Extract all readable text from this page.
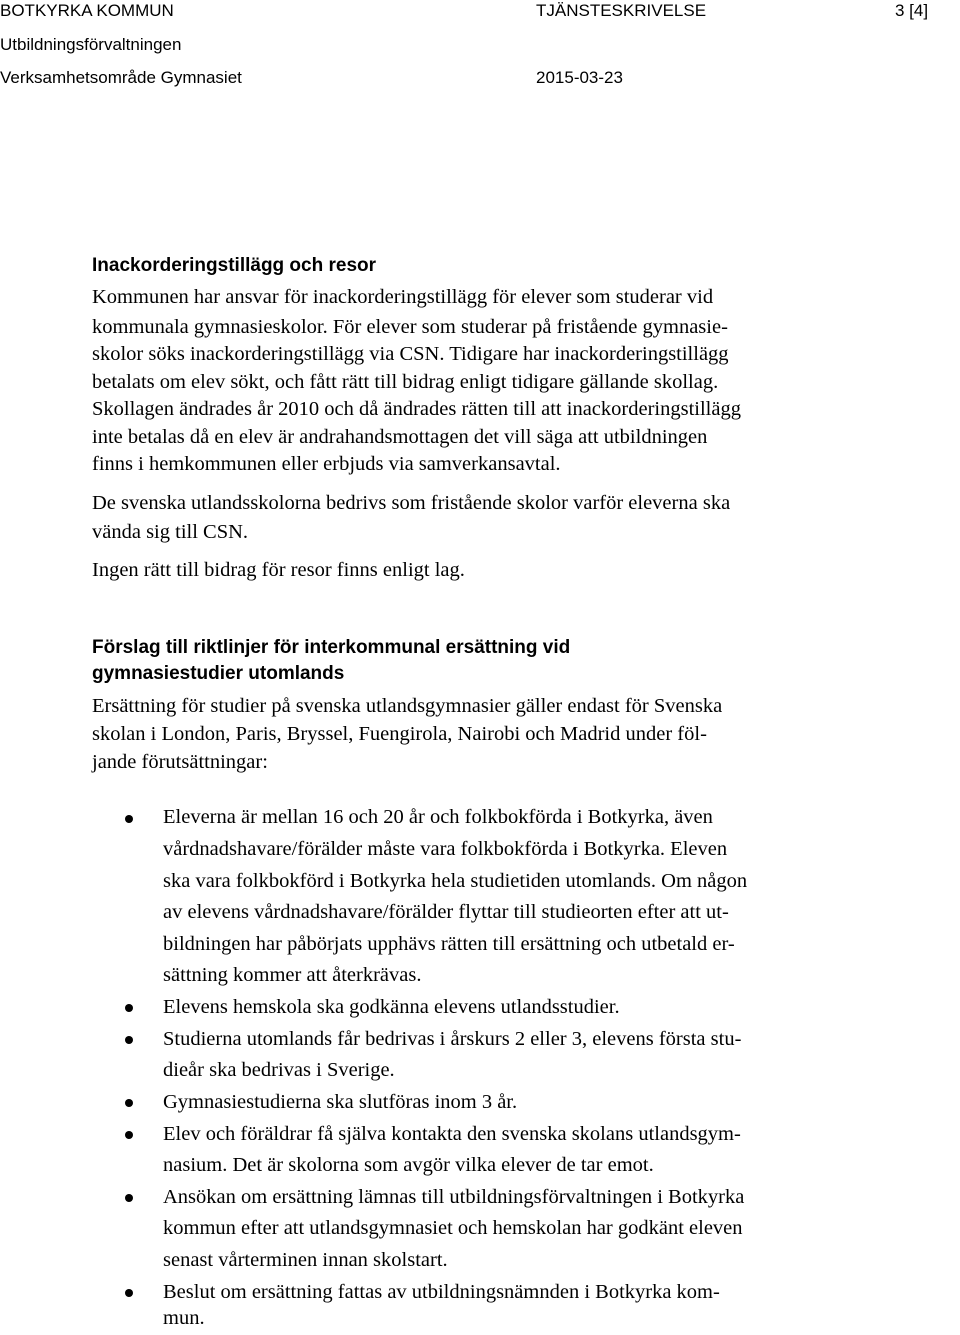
BOTKYRKA KOMMUN	TJÄNSTESKRIVELSE	3 [4]
Utbildningsförvaltningen
Verksamhetsområde Gymnasiet	2015-03-23
Inackorderingstillägg och resor
Kommunen har ansvar för inackorderingstillägg för elever som studerar vid
kommunala gymnasieskolor. För elever som studerar på fristående gymnasie-
skolor söks inackorderingstillägg via CSN. Tidigare har inackorderingstillägg
betalats om elev sökt, och fått rätt till bidrag enligt tidigare gällande skollag.
Skollagen ändrades år 2010 och då ändrades rätten till att inackorderingstillägg
inte betalas då en elev är andrahandsmottagen det vill säga att utbildningen
finns i hemkommunen eller erbjuds via samverkansavtal.
De svenska utlandsskolorna bedrivs som fristående skolor varför eleverna ska
vända sig till CSN.
Ingen rätt till bidrag för resor finns enligt lag.
Förslag till riktlinjer för interkommunal ersättning vid
gymnasiestudier utomlands
Ersättning för studier på svenska utlandsgymnasier gäller endast för Svenska
skolan i London, Paris, Bryssel, Fuengirola, Nairobi och Madrid under föl-
jande förutsättningar:
Eleverna är mellan 16 och 20 år och folkbokförda i Botkyrka, även
vårdnadshavare/förälder måste vara folkbokförda i Botkyrka. Eleven
ska vara folkbokförd i Botkyrka hela studietiden utomlands. Om någon
av elevens vårdnadshavare/förälder flyttar till studieorten efter att ut-
bildningen har påbörjats upphävs rätten till ersättning och utbetald er-
sättning kommer att återkrävas.
Elevens hemskola ska godkänna elevens utlandsstudier.
Studierna utomlands får bedrivas i årskurs 2 eller 3, elevens första stu-
dieår ska bedrivas i Sverige.
Gymnasiestudierna ska slutföras inom 3 år.
Elev och föräldrar få själva kontakta den svenska skolans utlandsgym-
nasium. Det är skolorna som avgör vilka elever de tar emot.
Ansökan om ersättning lämnas till utbildningsförvaltningen i Botkyrka
kommun efter att utlandsgymnasiet och hemskolan har godkänt eleven
senast vårterminen innan skolstart.
Beslut om ersättning fattas av utbildningsnämnden i Botkyrka kom-
mun.
